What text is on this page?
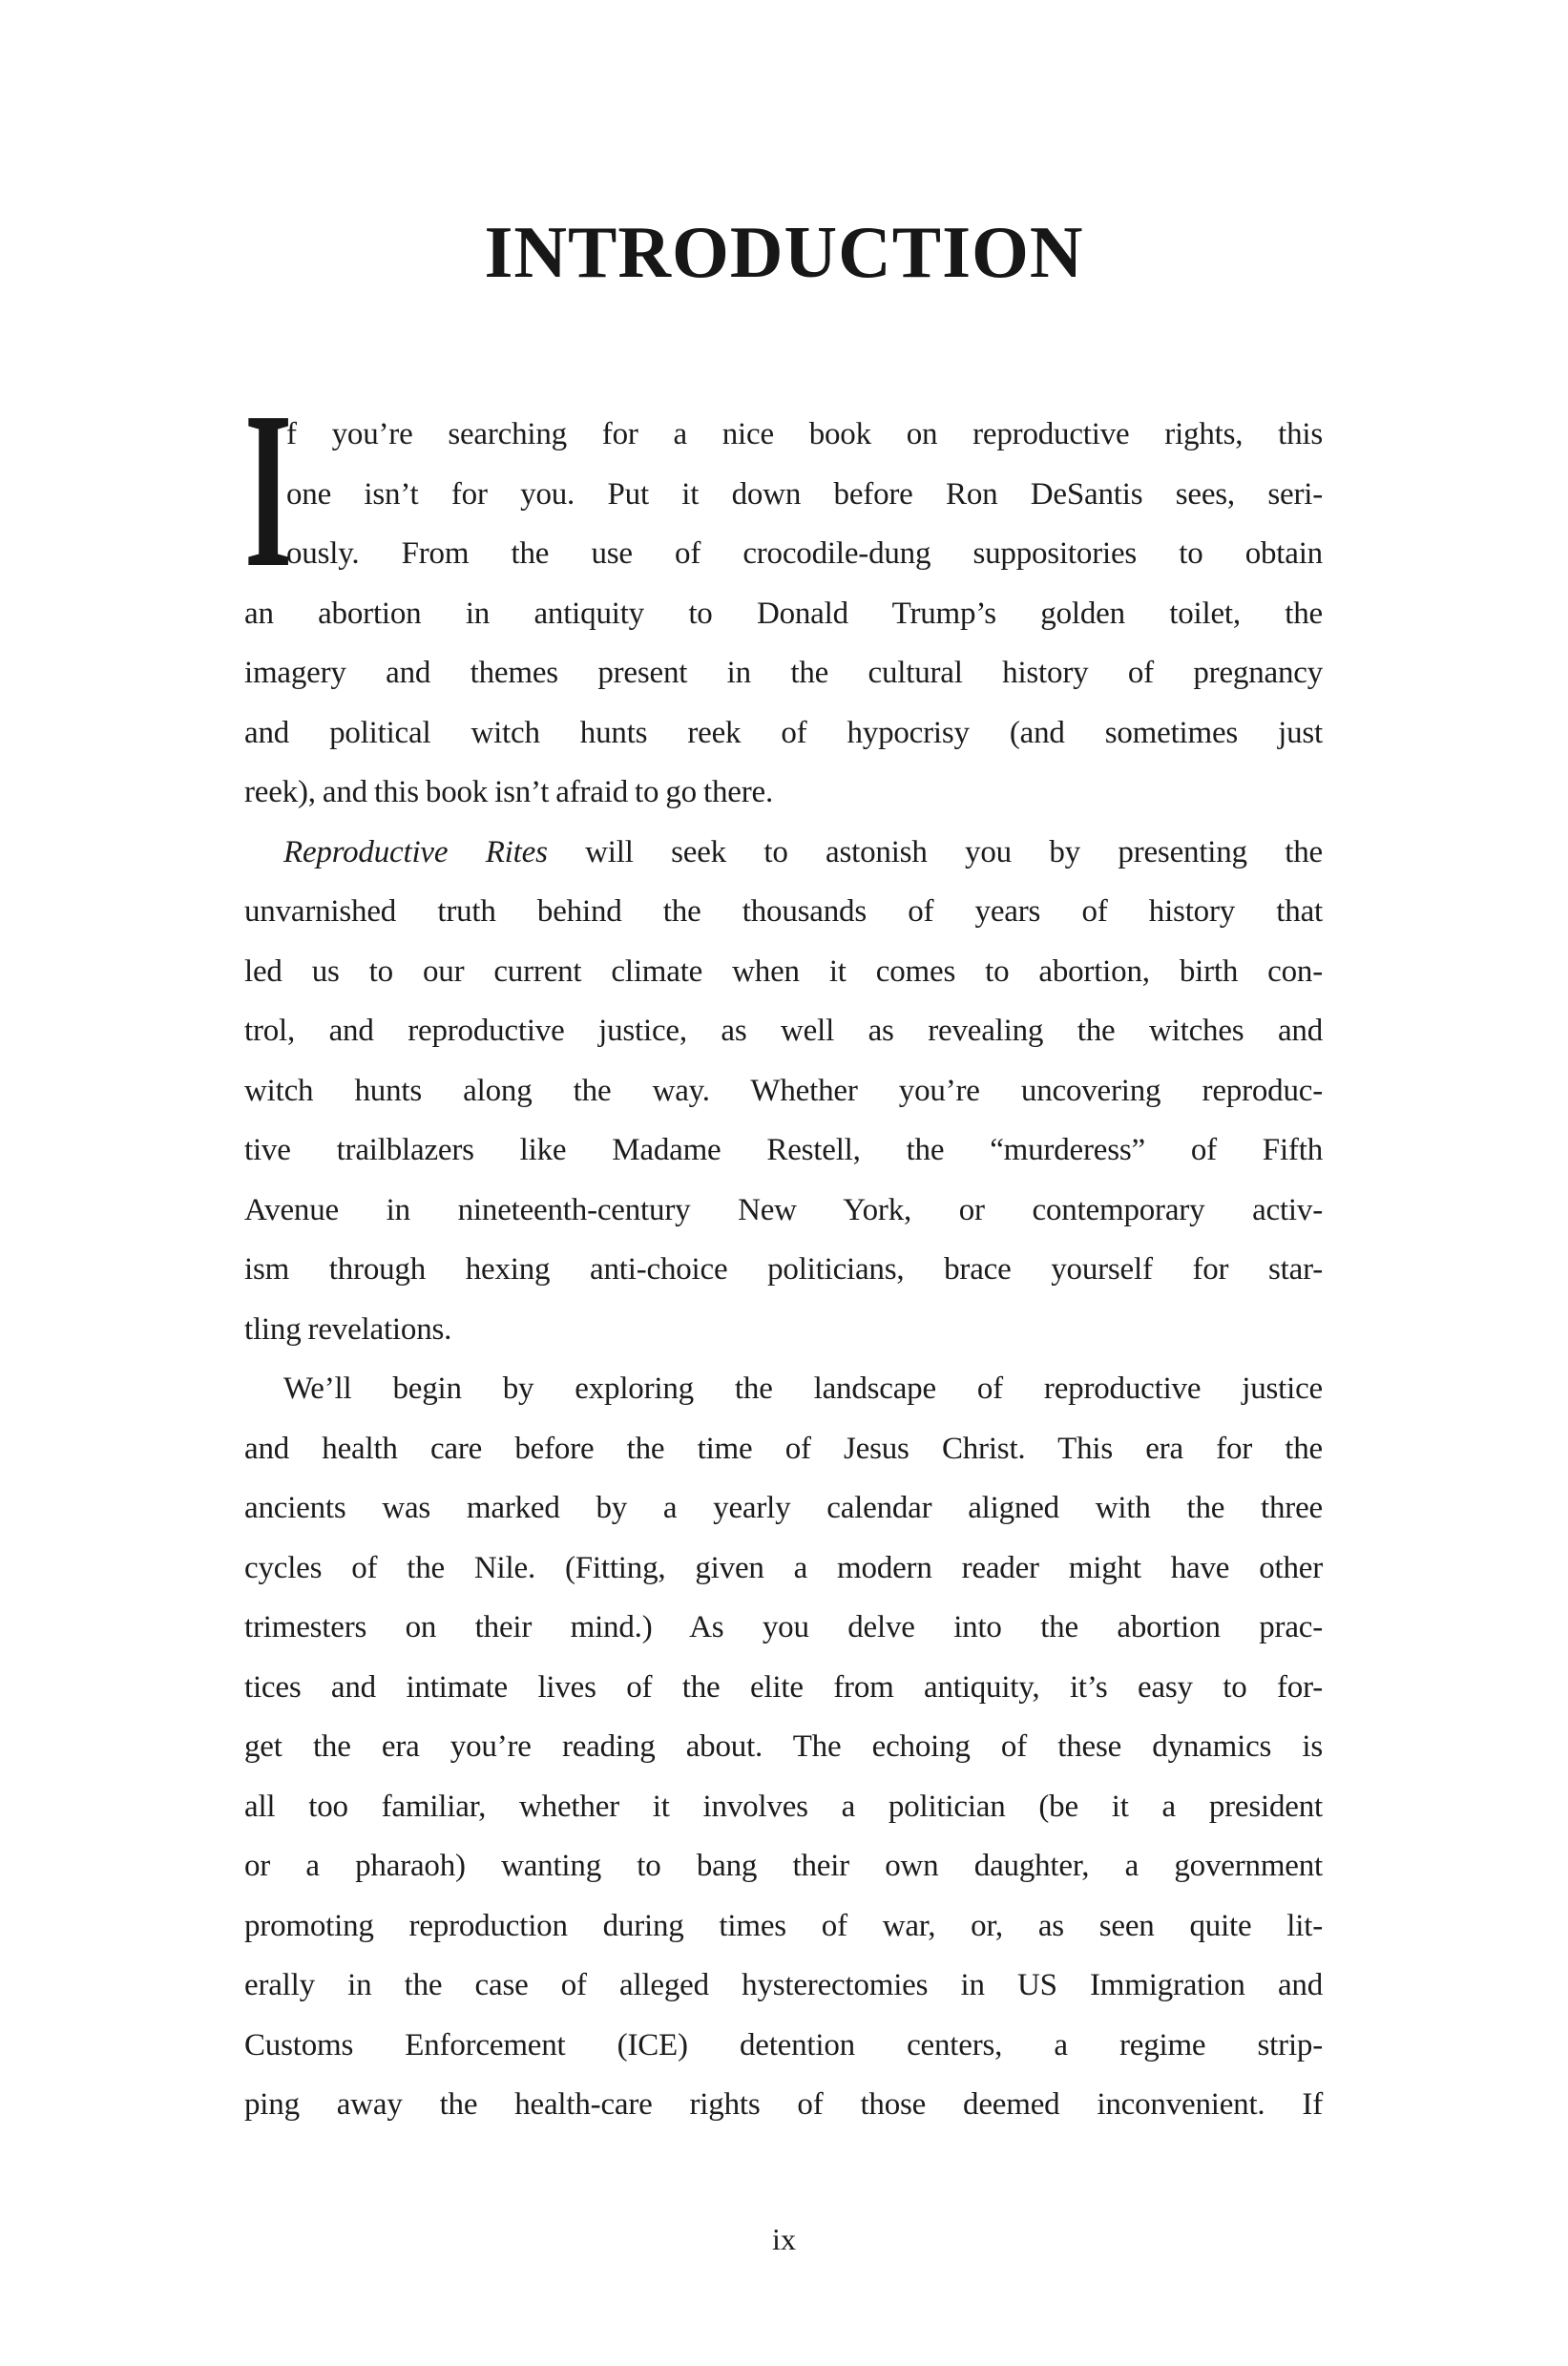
INTRODUCTION
I
f you’re searching for a nice book on reproductive rights, this
one isn’t for you. Put it down before Ron DeSantis sees, seri-
ously. From the use of crocodile-dung suppositories to obtain
an abortion in antiquity to Donald Trump’s golden toilet, the
imagery and themes present in the cultural history of pregnancy
and political witch hunts reek of hypocrisy (and sometimes just
reek), and this book isn’t afraid to go there.
Reproductive Rites will seek to astonish you by presenting the
unvarnished truth behind the thousands of years of history that
led us to our current climate when it comes to abortion, birth con-
trol, and reproductive justice, as well as revealing the witches and
witch hunts along the way. Whether you’re uncovering reproduc-
tive trailblazers like Madame Restell, the “murderess” of Fifth
Avenue in nineteenth-century New York, or contemporary activ-
ism through hexing anti-choice politicians, brace yourself for star-
tling revelations.
We’ll begin by exploring the landscape of reproductive justice
and health care before the time of Jesus Christ. This era for the
ancients was marked by a yearly calendar aligned with the three
cycles of the Nile. (Fitting, given a modern reader might have other
trimesters on their mind.) As you delve into the abortion prac-
tices and intimate lives of the elite from antiquity, it’s easy to for-
get the era you’re reading about. The echoing of these dynamics is
all too familiar, whether it involves a politician (be it a president
or a pharaoh) wanting to bang their own daughter, a government
promoting reproduction during times of war, or, as seen quite lit-
erally in the case of alleged hysterectomies in US Immigration and
Customs Enforcement (ICE) detention centers, a regime strip-
ping away the health-care rights of those deemed inconvenient. If
ix
